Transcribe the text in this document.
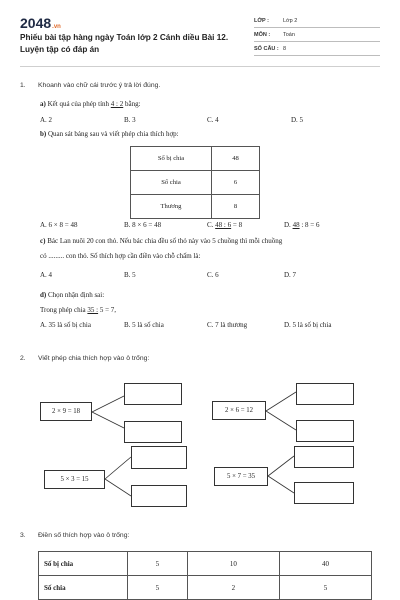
2048.vn
Phiếu bài tập hàng ngày Toán lớp 2 Cánh diều Bài 12.
Luyện tập có đáp án
LỚP :	Lớp 2
MÔN : Toán
SỐ CÂU : 8
1. Khoanh vào chữ cái trước ý trả lời đúng.
a) Kết quả của phép tính 4 : 2 bằng:
A. 2	B. 3	C. 4	D. 5
b) Quan sát bảng sau và viết phép chia thích hợp:
Số bị chia	48
Số chia	6
Thương	8
A. 6 × 8 = 48	B. 8 × 6 = 48	C. 48 : 6 = 8	D. 48 : 8 = 6
c) Bác Lan nuôi 20 con thỏ. Nếu bác chia đều số thỏ này vào 5 chuồng thì mỗi chuồng
có ......... con thỏ. Số thích hợp cần điền vào chỗ chấm là:
A. 4	B. 5	C. 6	D. 7
d) Chọn nhận định sai:
Trong phép chia 35 : 5 = 7,
A. 35 là số bị chia	B. 5 là số chia	C. 7 là thương	D. 5 là số bị chia
2. Viết phép chia thích hợp vào ô trống:
2 × 9 = 18	2 × 6 = 12
5 × 3 = 15	5 × 7 = 35
3. Điền số thích hợp vào ô trống:
Số bị chia	5	10	40
Số chia	5	2	5
